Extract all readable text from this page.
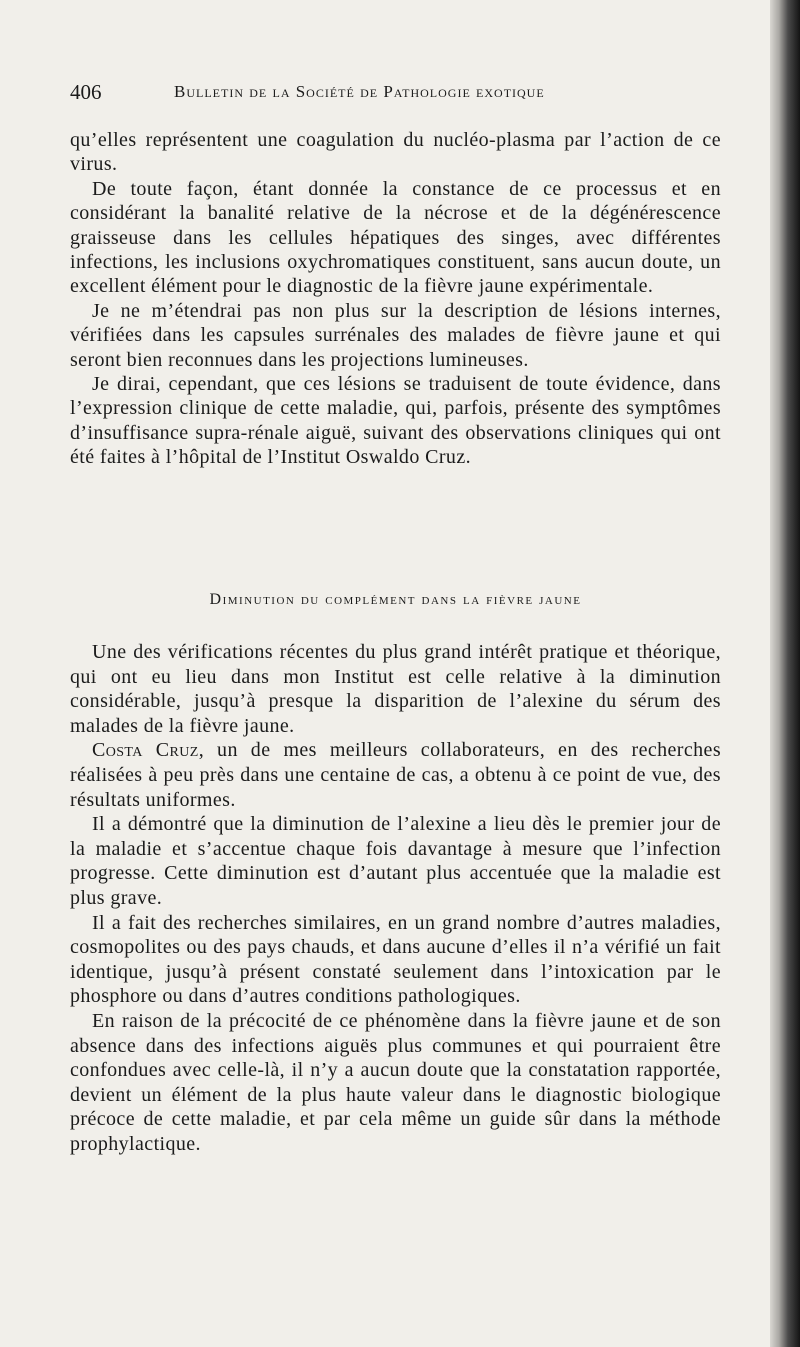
406	Bulletin de la Société de Pathologie exotique

qu’elles représentent une coagulation du nucléo-plasma par l’action de ce virus.

De toute façon, étant donnée la constance de ce processus et en considérant la banalité relative de la nécrose et de la dégénérescence graisseuse dans les cellules hépatiques des singes, avec différentes infections, les inclusions oxychromatiques constituent, sans aucun doute, un excellent élément pour le diagnostic de la fièvre jaune expérimentale.

Je ne m’étendrai pas non plus sur la description de lésions internes, vérifiées dans les capsules surrénales des malades de fièvre jaune et qui seront bien reconnues dans les projections lumineuses.

Je dirai, cependant, que ces lésions se traduisent de toute évidence, dans l’expression clinique de cette maladie, qui, parfois, présente des symptômes d’insuffisance supra-rénale aiguë, suivant des observations cliniques qui ont été faites à l’hôpital de l’Institut Oswaldo Cruz.

Diminution du complément dans la fièvre jaune

Une des vérifications récentes du plus grand intérêt pratique et théorique, qui ont eu lieu dans mon Institut est celle relative à la diminution considérable, jusqu’à presque la disparition de l’alexine du sérum des malades de la fièvre jaune.

Costa Cruz, un de mes meilleurs collaborateurs, en des recherches réalisées à peu près dans une centaine de cas, a obtenu à ce point de vue, des résultats uniformes.

Il a démontré que la diminution de l’alexine a lieu dès le premier jour de la maladie et s’accentue chaque fois davantage à mesure que l’infection progresse. Cette diminution est d’autant plus accentuée que la maladie est plus grave.

Il a fait des recherches similaires, en un grand nombre d’autres maladies, cosmopolites ou des pays chauds, et dans aucune d’elles il n’a vérifié un fait identique, jusqu’à présent constaté seulement dans l’intoxication par le phosphore ou dans d’autres conditions pathologiques.

En raison de la précocité de ce phénomène dans la fièvre jaune et de son absence dans des infections aiguës plus communes et qui pourraient être confondues avec celle-là, il n’y a aucun doute que la constatation rapportée, devient un élément de la plus haute valeur dans le diagnostic biologique précoce de cette maladie, et par cela même un guide sûr dans la méthode prophylactique.
